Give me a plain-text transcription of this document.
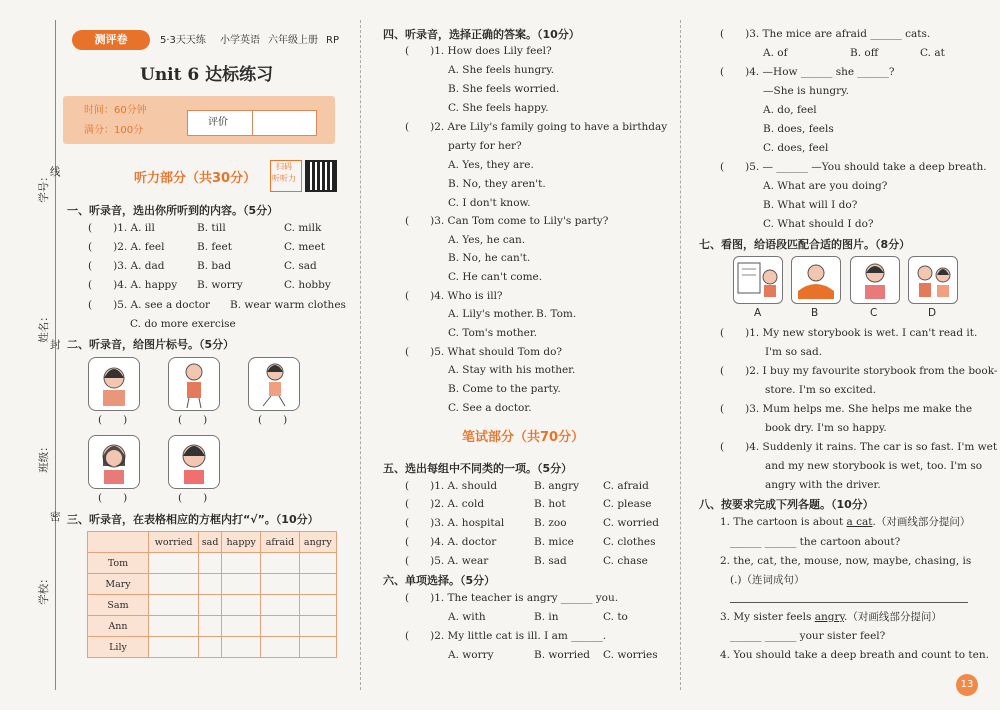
学号： 线
姓名：
封
班级：
密
学校：
测评卷	5·3天天练 小学英语 六年级上册 RP
Unit 6 达标练习
时间：60分钟
满分：100分
评价
听力部分（共30分）
扫码
听听力
一、听录音，选出你所听到的内容。（5分）
(　　)1. A. ill	B. till	C. milk
(　　)2. A. feel	B. feet	C. meet
(　　)3. A. dad	B. bad	C. sad
(　　)4. A. happy B. worry	C. hobby
(　　)5. A. see a doctor B. wear warm clothes
C. do more exercise
二、听录音，给图片标号。（5分）
(　　)	(　　)	(　　)
(　　)	(　　)
三、听录音，在表格相应的方框内打“√”。（10分）
	worried	sad	happy	afraid	angry
Tom					
Mary					
Sam					
Ann					
Lily					
四、听录音，选择正确的答案。（10分）
(　　)1. How does Lily feel?
A. She feels hungry.
B. She feels worried.
C. She feels happy.
(　　)2. Are Lily's family going to have a birthday
party for her?
A. Yes, they are.
B. No, they aren't.
C. I don't know.
(　　)3. Can Tom come to Lily's party?
A. Yes, he can.
B. No, he can't.
C. He can't come.
(　　)4. Who is ill?
A. Lily's mother. B. Tom.
C. Tom's mother.
(　　)5. What should Tom do?
A. Stay with his mother.
B. Come to the party.
C. See a doctor.
笔试部分（共70分）
五、选出每组中不同类的一项。（5分）
(　　)1. A. should	B. angry C. afraid
(　　)2. A. cold	B. hot	C. please
(　　)3. A. hospital	B. zoo	C. worried
(　　)4. A. doctor	B. mice	C. clothes
(　　)5. A. wear	B. sad	C. chase
六、单项选择。（5分）
(　　)1. The teacher is angry ______ you.
A. with	B. in	C. to
(　　)2. My little cat is ill. I am ______.
A. worry	B. worried C. worries
(　　)3. The mice are afraid ______ cats.
A. of	B. off	C. at
(　　)4. —How ______ she ______?
—She is hungry.
A. do, feel
B. does, feels
C. does, feel
(　　)5. — ______ —You should take a deep breath.
A. What are you doing?
B. What will I do?
C. What should I do?
七、看图，给语段匹配合适的图片。（8分）
A	B	C	D
(　　)1. My new storybook is wet. I can't read it.
I'm so sad.
(　　)2. I buy my favourite storybook from the book-
store. I'm so excited.
(　　)3. Mum helps me. She helps me make the
book dry. I'm so happy.
(　　)4. Suddenly it rains. The car is so fast. I'm wet
and my new storybook is wet, too. I'm so
angry with the driver.
八、按要求完成下列各题。（10分）
1. The cartoon is about a cat.（对画线部分提问）
______ ______ the cartoon about?
2. the, cat, the, mouse, now, maybe, chasing, is
(.)（连词成句）
3. My sister feels angry.（对画线部分提问）
______ ______ your sister feel?
4. You should take a deep breath and count to ten.
13
